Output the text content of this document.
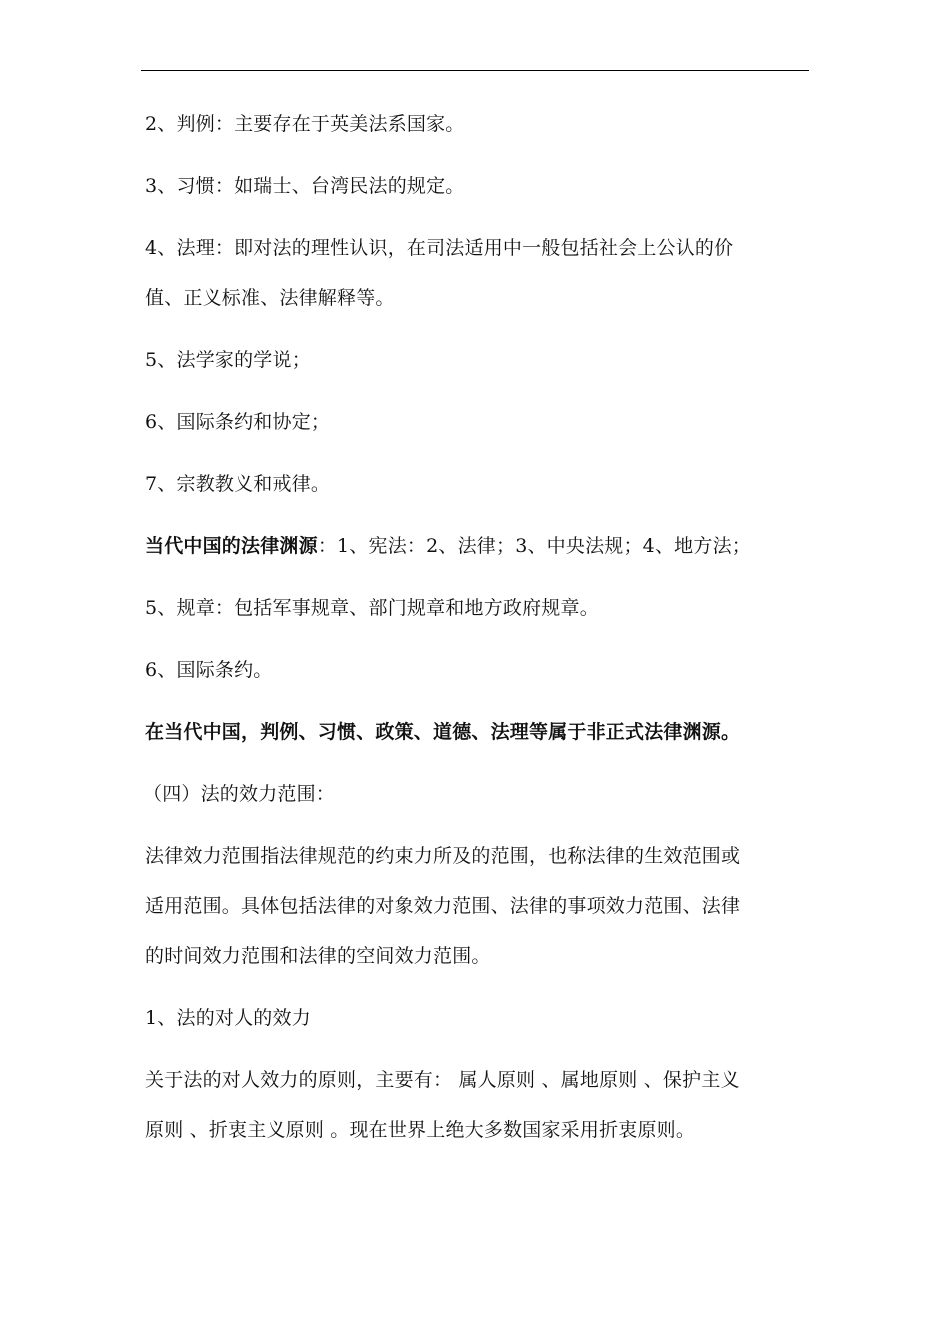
2、判例：主要存在于英美法系国家。
3、习惯：如瑞士、台湾民法的规定。
4、法理：即对法的理性认识，在司法适用中一般包括社会上公认的价
值、正义标准、法律解释等。
5、法学家的学说；
6、国际条约和协定；
7、宗教教义和戒律。
当代中国的法律渊源：1、宪法：2、法律；3、中央法规；4、地方法；
5、规章：包括军事规章、部门规章和地方政府规章。
6、国际条约。
在当代中国，判例、习惯、政策、道德、法理等属于非正式法律渊源。
（四）法的效力范围：
法律效力范围指法律规范的约束力所及的范围，也称法律的生效范围或
适用范围。具体包括法律的对象效力范围、法律的事项效力范围、法律
的时间效力范围和法律的空间效力范围。
1、法的对人的效力
关于法的对人效力的原则，主要有： 属人原则 、属地原则 、保护主义
原则 、折衷主义原则 。现在世界上绝大多数国家采用折衷原则。
